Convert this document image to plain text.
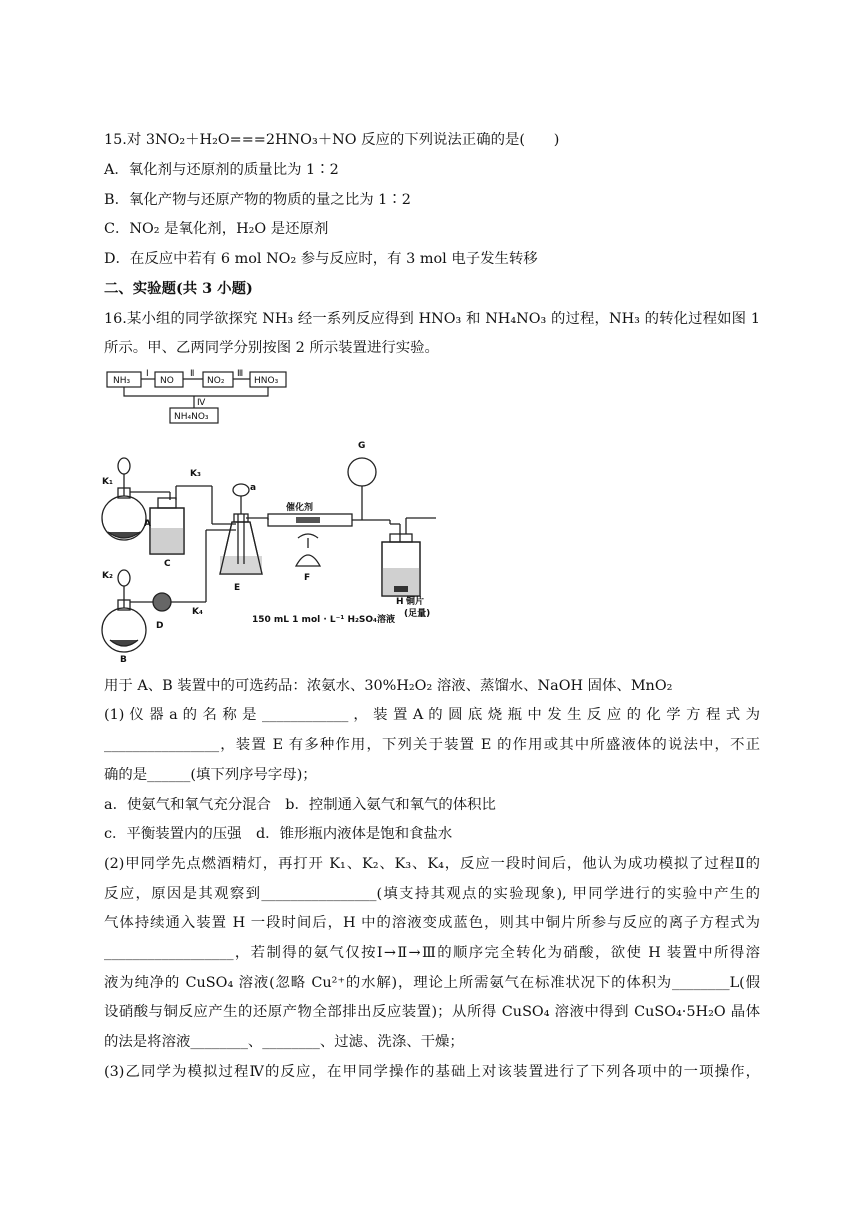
15.对 3NO₂＋H₂O===2HNO₃＋NO 反应的下列说法正确的是(　　)
A．氧化剂与还原剂的质量比为 1∶2
B．氧化产物与还原产物的物质的量之比为 1∶2
C．NO₂ 是氧化剂，H₂O 是还原剂
D．在反应中若有 6 mol NO₂ 参与反应时，有 3 mol 电子发生转移
二、实验题(共 3 小题)
16.某小组的同学欲探究 NH₃ 经一系列反应得到 HNO₃ 和 NH₄NO₃ 的过程，NH₃ 的转化过程如图 1
所示。甲、乙两同学分别按图 2 所示装置进行实验。
NH₃	NO	NO₂	HNO₃
NH₄NO₃
Ⅰ	Ⅱ	Ⅲ
Ⅳ
K₁
K₂
K₃
K₄
A
B
C
D
E
F
G
H 铜片
(足量)
催化剂
a
150 mL 1 mol · L⁻¹ H₂SO₄溶液
用于 A、B 装置中的可选药品：浓氨水、30%H₂O₂ 溶液、蒸馏水、NaOH 固体、MnO₂
(1) 仪 器 a 的 名 称 是 ____________ ， 装 置 A 的 圆 底 烧 瓶 中 发 生 反 应 的 化 学 方 程 式 为
________________，装置 E 有多种作用，下列关于装置 E 的作用或其中所盛液体的说法中，不正
确的是______(填下列序号字母)；
a．使氨气和氧气充分混合　b．控制通入氨气和氧气的体积比
c．平衡装置内的压强　d．锥形瓶内液体是饱和食盐水
(2)甲同学先点燃酒精灯，再打开 K₁、K₂、K₃、K₄，反应一段时间后，他认为成功模拟了过程Ⅱ的
反应，原因是其观察到________________(填支持其观点的实验现象), 甲同学进行的实验中产生的
气体持续通入装置 H 一段时间后，H 中的溶液变成蓝色，则其中铜片所参与反应的离子方程式为
__________________，若制得的氨气仅按Ⅰ→Ⅱ→Ⅲ的顺序完全转化为硝酸，欲使 H 装置中所得溶
液为纯净的 CuSO₄ 溶液(忽略 Cu²⁺的水解)，理论上所需氨气在标准状况下的体积为________L(假
设硝酸与铜反应产生的还原产物全部排出反应装置)；从所得 CuSO₄ 溶液中得到 CuSO₄·5H₂O 晶体
的法是将溶液________、________、过滤、洗涤、干燥；
(3)乙同学为模拟过程Ⅳ的反应，在甲同学操作的基础上对该装置进行了下列各项中的一项操作，
